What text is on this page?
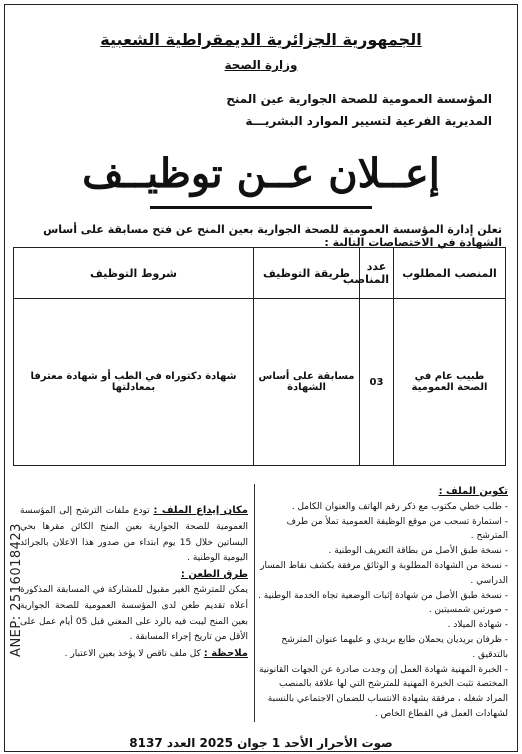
الجمهورية الجزائرية الديمقراطية الشعبية
وزارة الصحة
المؤسسة العمومية للصحة الجوارية عين المنح
المديرية الفرعية لتسيير الموارد البشريـــة
إعــلان عــن توظيــف
تعلن إدارة المؤسسة العمومية للصحة الجوارية بعين المنح عن فتح مسابقة على أساس الشهادة في الاختصاصات التالية :
المنصب المطلوب	عدد المناصب	طريقة التوظيف	شروط التوظيف
طبيب عام في الصحة العمومية	03	مسابقة على أساس الشهادة	شهادة دكتوراه في الطب أو شهادة معترفا بمعادلتها

تكوين الملف :

- طلب خطي مكتوب مع ذكر رقم الهاتف والعنوان الكامل .

- استمارة تسحب من موقع الوظيفة العمومية تملأ من طرف المترشح .

- نسخة طبق الأصل من بطاقة التعريف الوطنية .

- نسخة من الشهادة المطلوبة و الوثائق مرفقة بكشف نقاط المسار الدراسي .

- نسخة طبق الأصل من شهادة إثبات الوضعية تجاه الخدمة الوطنية .

- صورتين شمسيتين .

- شهادة الميلاد .

- ظرفان بريديان يحملان طابع بريدي و عليهما عنوان المترشح بالتدقيق .

- الخبرة المهنية شهادة العمل إن وجدت صادرة عن الجهات القانونية المختصة تثبت الخبرة المهنية للمترشح التي لها علاقة بالمنصب المراد شغله ، مرفقة بشهادة الانتساب للضمان الاجتماعي بالنسبة لشهادات العمل في القطاع الخاص .

مكان إيداع الملف : تودع ملفات الترشح إلى المؤسسة العمومية للصحة الجوارية بعين المنح الكائن مقرها بحي البساتين خلال 15 يوم ابتداء من صدور هذا الاعلان بالجرائد اليومية الوطنية .

طرق الطعن :

يمكن للمترشح الغير مقبول للمشاركة في المسابقة المذكورة أعلاه تقديم طعن لدى المؤسسة العمومية للصحة الجوارية بعين المنح ليبت فيه بالرد على المعني قبل 05 أيام عمل على الأقل من تاريخ إجراء المسابقة .

ملاحظة : كل ملف ناقص لا يؤخذ بعين الاعتبار .

ANEP: 2516018423
صوت الأحرار الأحد 1 جوان 2025 العدد 8137
